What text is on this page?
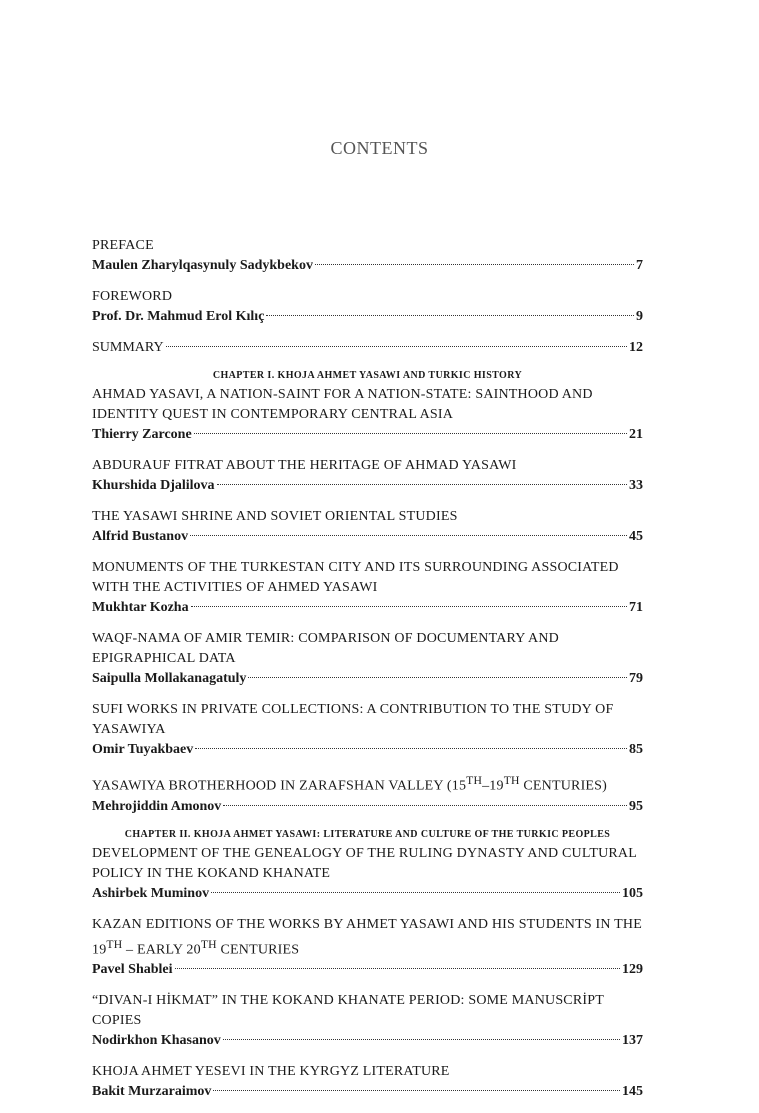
CONTENTS
PREFACE
Maulen Zharylqasynuly Sadykbekov	7
FOREWORD
Prof. Dr. Mahmud Erol Kılıç	9
SUMMARY	12
CHAPTER I. KHOJA AHMET YASAWI AND TURKIC HISTORY
AHMAD YASAVI, A NATION-SAINT FOR A NATION-STATE: SAINTHOOD AND IDENTITY QUEST IN CONTEMPORARY CENTRAL ASIA
Thierry Zarcone	21
ABDURAUF FITRAT ABOUT THE HERITAGE OF AHMAD YASAWI
Khurshida Djalilova	33
THE YASAWI SHRINE AND SOVIET ORIENTAL STUDIES
Alfrid Bustanov	45
MONUMENTS OF THE TURKESTAN CITY AND ITS SURROUNDING ASSOCIATED WITH THE ACTIVITIES OF AHMED YASAWI
Mukhtar Kozha	71
WAQF-NAMA OF AMIR TEMIR: COMPARISON OF DOCUMENTARY AND EPIGRAPHICAL DATA
Saipulla Mollakanagatuly	79
SUFI WORKS IN PRIVATE COLLECTIONS: A CONTRIBUTION TO THE STUDY OF YASAWIYA
Omir Tuyakbaev	85
YASAWIYA BROTHERHOOD IN ZARAFSHAN VALLEY (15TH–19TH CENTURIES)
Mehrojiddin Amonov	95
CHAPTER II. KHOJA AHMET YASAWI: LITERATURE AND CULTURE OF THE TURKIC PEOPLES
DEVELOPMENT OF THE GENEALOGY OF THE RULING DYNASTY AND CULTURAL POLICY IN THE KOKAND KHANATE
Ashirbek Muminov	105
KAZAN EDITIONS OF THE WORKS BY AHMET YASAWI AND HIS STUDENTS IN THE 19TH – EARLY 20TH CENTURIES
Pavel Shablei	129
“DIVAN-I HİKMAT” IN THE KOKAND KHANATE PERIOD: SOME MANUSCRİPT COPIES
Nodirkhon Khasanov	137
KHOJA AHMET YESEVI IN THE KYRGYZ LITERATURE
Bakit Murzaraimov	145
